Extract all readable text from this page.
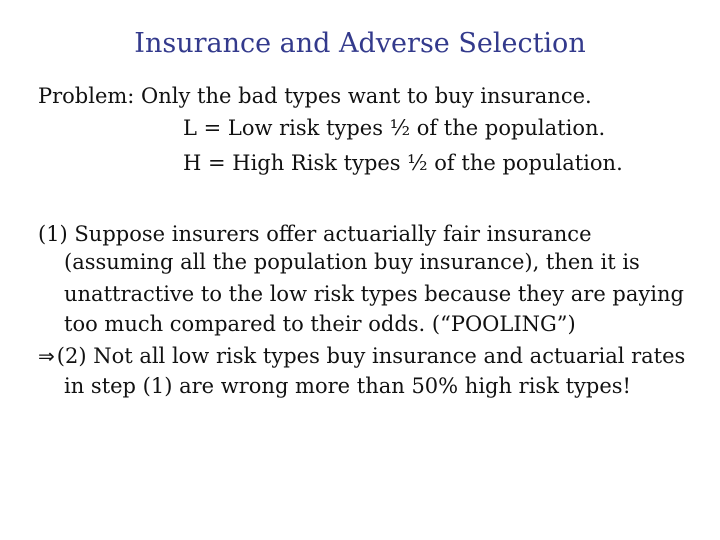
Insurance and Adverse Selection
Problem: Only the bad types want to buy insurance.
L = Low risk types ½ of the population.
H = High Risk types ½ of the population.
(1) Suppose insurers offer actuarially fair insurance
(assuming all the population buy insurance), then it is
unattractive to the low risk types because they are paying
too much compared to their odds. (“POOLING”)
⇒(2) Not all low risk types buy insurance and actuarial rates
in step (1) are wrong more than 50% high risk types!
